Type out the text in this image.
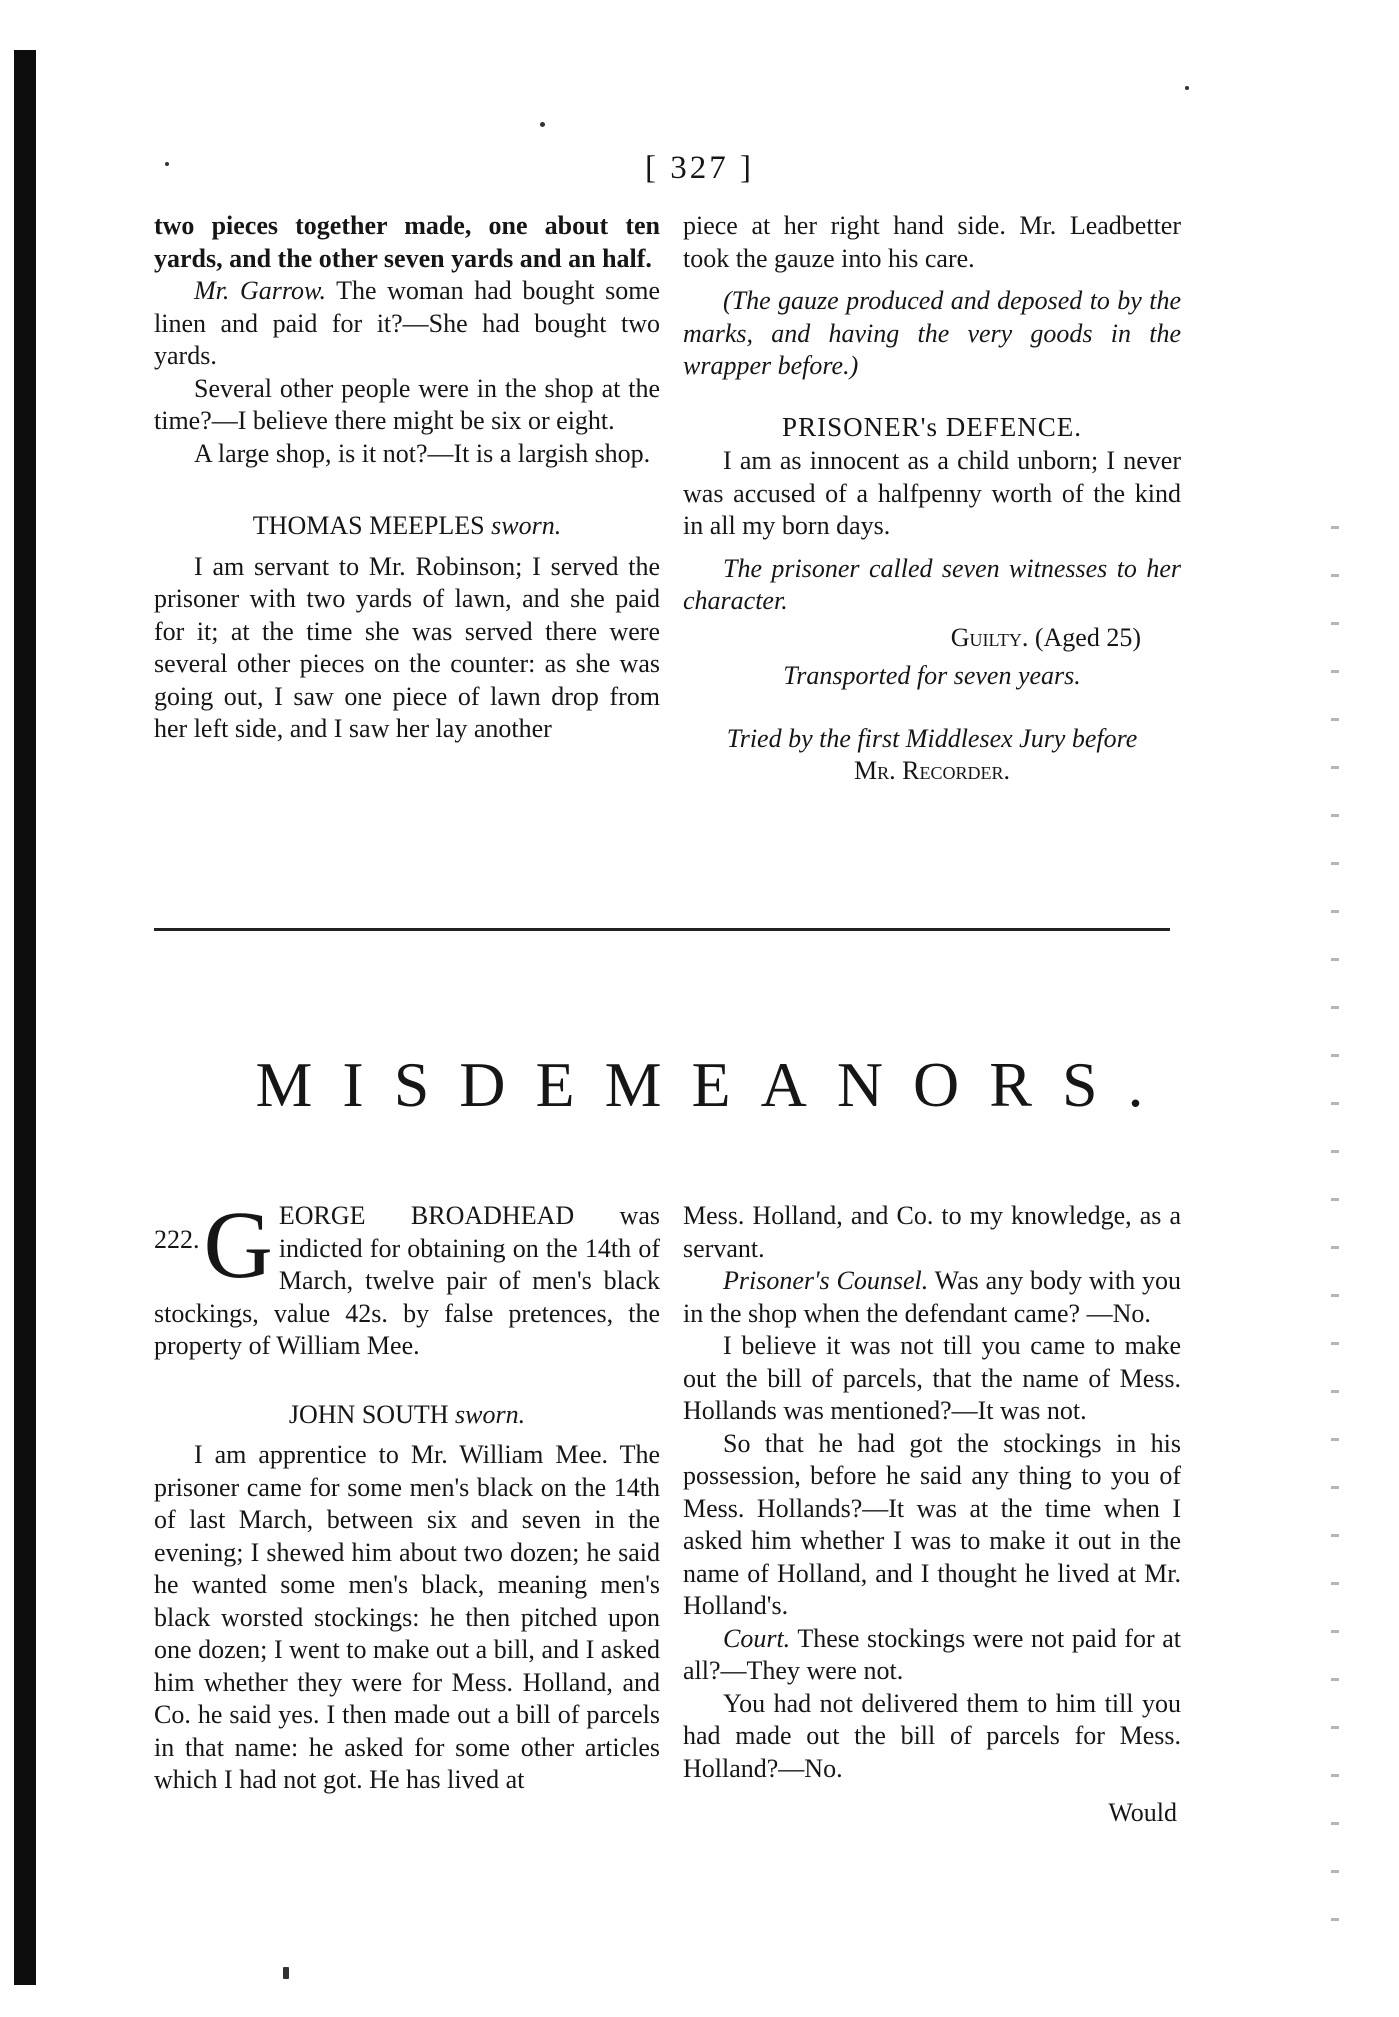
[ 327 ]

two pieces together made, one about ten yards, and the other seven yards and an half.

Mr. Garrow. The woman had bought some linen and paid for it?—She had bought two yards.

Several other people were in the shop at the time?—I believe there might be six or eight.

A large shop, is it not?—It is a largish shop.

THOMAS MEEPLES sworn.

I am servant to Mr. Robinson; I served the prisoner with two yards of lawn, and she paid for it; at the time she was served there were several other pieces on the counter: as she was going out, I saw one piece of lawn drop from her left side, and I saw her lay another

piece at her right hand side. Mr. Leadbetter took the gauze into his care.

(The gauze produced and deposed to by the marks, and having the very goods in the wrapper before.)

PRISONER's DEFENCE.

I am as innocent as a child unborn; I never was accused of a halfpenny worth of the kind in all my born days.

The prisoner called seven witnesses to her character.

Guilty. (Aged 25)
Transported for seven years.
Tried by the first Middlesex Jury before
Mr. Recorder.
MISDEMEANORS.

222. G EORGE BROADHEAD was indicted for obtaining on the 14th of March, twelve pair of men's black stockings, value 42s. by false pretences, the property of William Mee.

JOHN SOUTH sworn.

I am apprentice to Mr. William Mee. The prisoner came for some men's black on the 14th of last March, between six and seven in the evening; I shewed him about two dozen; he said he wanted some men's black, meaning men's black worsted stockings: he then pitched upon one dozen; I went to make out a bill, and I asked him whether they were for Mess. Holland, and Co. he said yes. I then made out a bill of parcels in that name: he asked for some other articles which I had not got. He has lived at

Mess. Holland, and Co. to my knowledge, as a servant.

Prisoner's Counsel. Was any body with you in the shop when the defendant came? —No.

I believe it was not till you came to make out the bill of parcels, that the name of Mess. Hollands was mentioned?—It was not.

So that he had got the stockings in his possession, before he said any thing to you of Mess. Hollands?—It was at the time when I asked him whether I was to make it out in the name of Holland, and I thought he lived at Mr. Holland's.

Court. These stockings were not paid for at all?—They were not.

You had not delivered them to him till you had made out the bill of parcels for Mess. Holland?—No.

Would
